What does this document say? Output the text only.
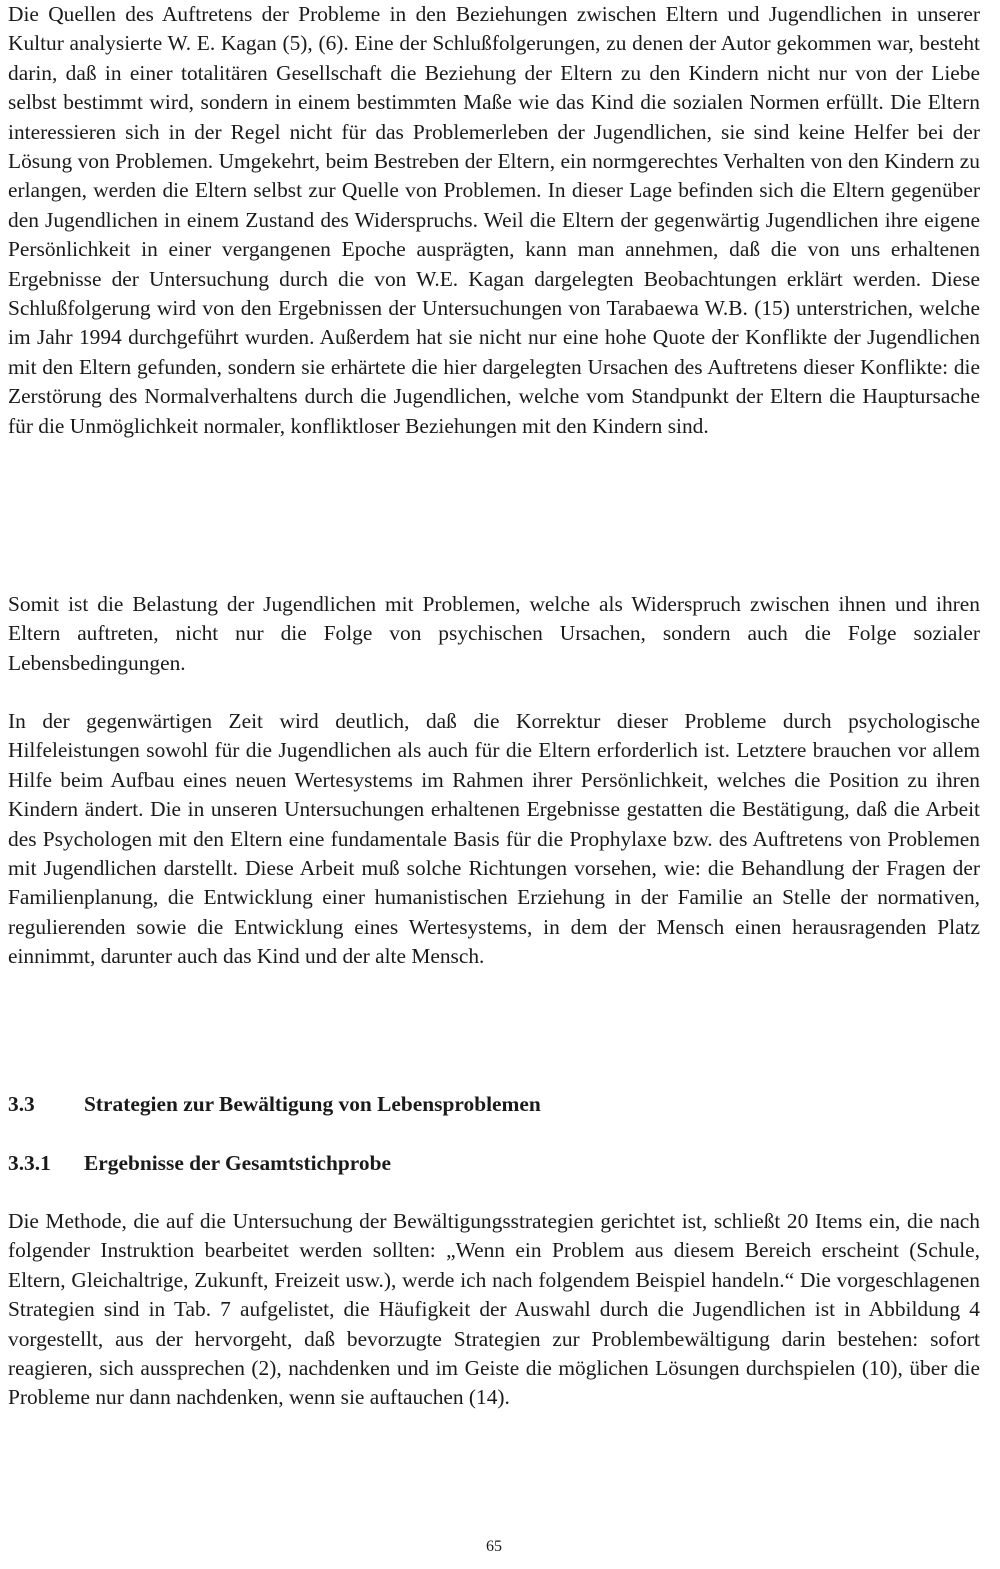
Die Quellen des Auftretens der Probleme in den Beziehungen zwischen Eltern und Jugendlichen in unserer Kultur analysierte W. E. Kagan (5), (6). Eine der Schlußfolgerungen, zu denen der Autor gekommen war, besteht darin, daß in einer totalitären Gesellschaft die Beziehung der Eltern zu den Kindern nicht nur von der Liebe selbst bestimmt wird, sondern in einem bestimmten Maße wie das Kind die sozialen Normen erfüllt. Die Eltern interessieren sich in der Regel nicht für das Problemerleben der Jugendlichen, sie sind keine Helfer bei der Lösung von Problemen. Umgekehrt, beim Bestreben der Eltern, ein normgerechtes Verhalten von den Kindern zu erlangen, werden die Eltern selbst zur Quelle von Problemen. In dieser Lage befinden sich die Eltern gegenüber den Jugendlichen in einem Zustand des Widerspruchs. Weil die Eltern der gegenwärtig Jugendlichen ihre eigene Persönlichkeit in einer vergangenen Epoche ausprägten, kann man annehmen, daß die von uns erhaltenen Ergebnisse der Untersuchung durch die von W.E. Kagan dargelegten Beobachtungen erklärt werden. Diese Schlußfolgerung wird von den Ergebnissen der Untersuchungen von Tarabaewa W.B. (15) unterstrichen, welche im Jahr 1994 durchgeführt wurden. Außerdem hat sie nicht nur eine hohe Quote der Konflikte der Jugendlichen mit den Eltern gefunden, sondern sie erhärtete die hier dargelegten Ursachen des Auftretens dieser Konflikte: die Zerstörung des Normalverhaltens durch die Jugendlichen, welche vom Standpunkt der Eltern die Hauptursache für die Unmöglichkeit normaler, konfliktloser Beziehungen mit den Kindern sind.

Somit ist die Belastung der Jugendlichen mit Problemen, welche als Widerspruch zwischen ihnen und ihren Eltern auftreten, nicht nur die Folge von psychischen Ursachen, sondern auch die Folge sozialer Lebensbedingungen.

In der gegenwärtigen Zeit wird deutlich, daß die Korrektur dieser Probleme durch psychologische Hilfeleistungen sowohl für die Jugendlichen als auch für die Eltern erforderlich ist. Letztere brauchen vor allem Hilfe beim Aufbau eines neuen Wertesystems im Rahmen ihrer Persönlichkeit, welches die Position zu ihren Kindern ändert. Die in unseren Untersuchungen erhaltenen Ergebnisse gestatten die Bestätigung, daß die Arbeit des Psychologen mit den Eltern eine fundamentale Basis für die Prophylaxe bzw. des Auftretens von Problemen mit Jugendlichen darstellt. Diese Arbeit muß solche Richtungen vorsehen, wie: die Behandlung der Fragen der Familienplanung, die Entwicklung einer humanistischen Erziehung in der Familie an Stelle der normativen, regulierenden sowie die Entwicklung eines Wertesystems, in dem der Mensch einen herausragenden Platz einnimmt, darunter auch das Kind und der alte Mensch.

3.3 Strategien zur Bewältigung von Lebensproblemen
3.3.1 Ergebnisse der Gesamtstichprobe

Die Methode, die auf die Untersuchung der Bewältigungsstrategien gerichtet ist, schließt 20 Items ein, die nach folgender Instruktion bearbeitet werden sollten: „Wenn ein Problem aus diesem Bereich erscheint (Schule, Eltern, Gleichaltrige, Zukunft, Freizeit usw.), werde ich nach folgendem Beispiel handeln.“ Die vorgeschlagenen Strategien sind in Tab. 7 aufgelistet, die Häufigkeit der Auswahl durch die Jugendlichen ist in Abbildung 4 vorgestellt, aus der hervorgeht, daß bevorzugte Strategien zur Problembewältigung darin bestehen: sofort reagieren, sich aussprechen (2), nachdenken und im Geiste die möglichen Lösungen durchspielen (10), über die Probleme nur dann nachdenken, wenn sie auftauchen (14).

65
